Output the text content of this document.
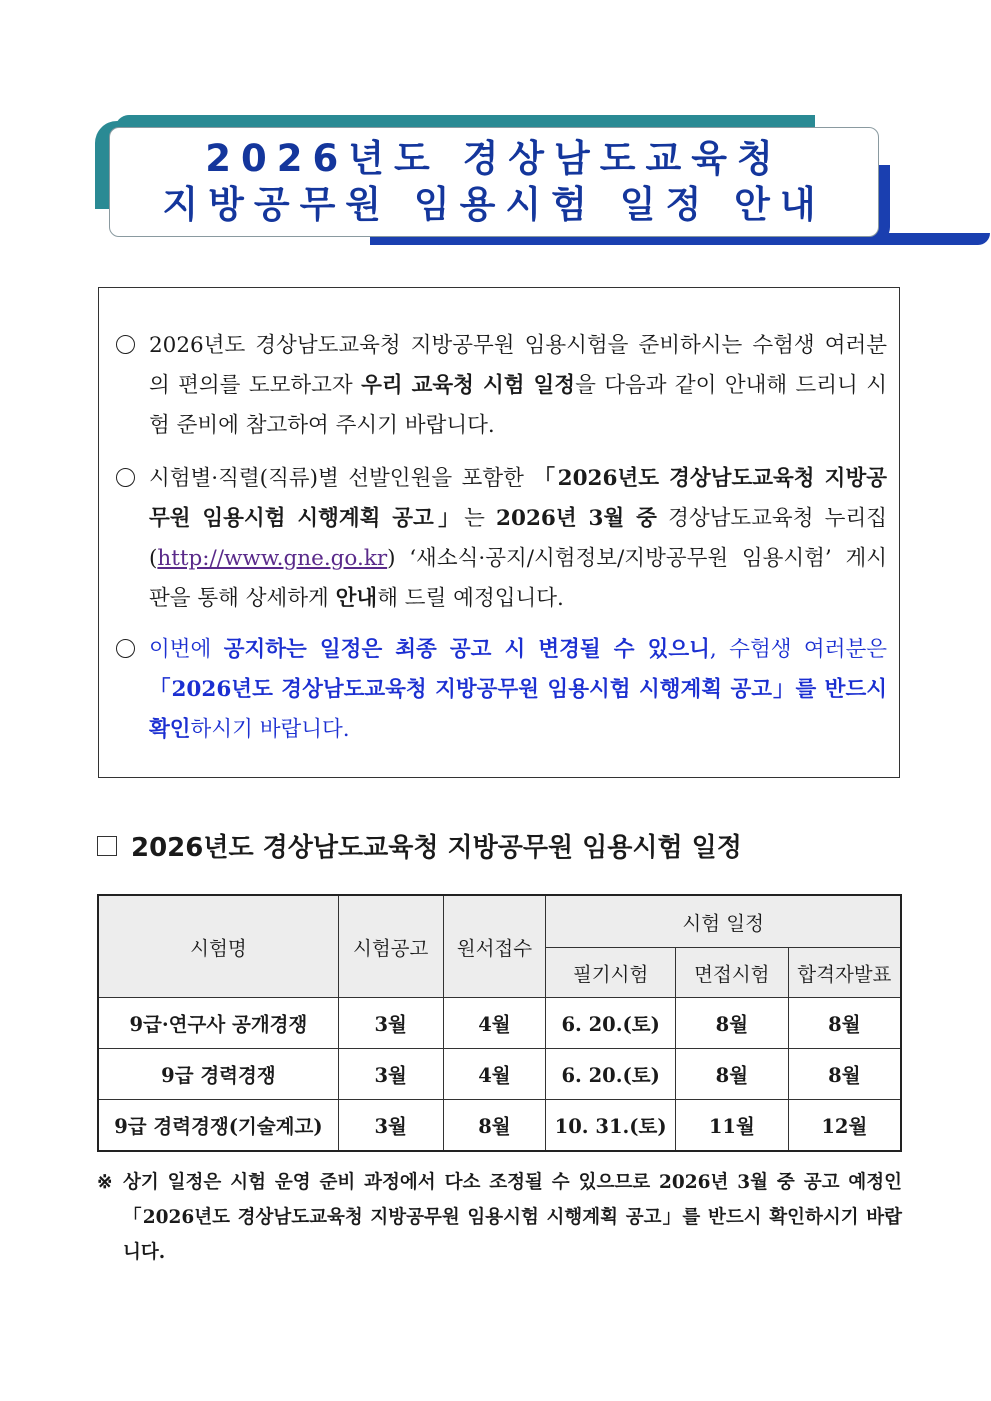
2026년도 경상남도교육청
지방공무원 임용시험 일정 안내
2026년도 경상남도교육청 지방공무원 임용시험을 준비하시는 수험생 여러분의 편의를 도모하고자 우리 교육청 시험 일정을 다음과 같이 안내해 드리니 시험 준비에 참고하여 주시기 바랍니다.
시험별·직렬(직류)별 선발인원을 포함한 「2026년도 경상남도교육청 지방공무원 임용시험 시행계획 공고」는 2026년 3월 중 경상남도교육청 누리집(http://www.gne.go.kr) ‘새소식·공지/시험정보/지방공무원 임용시험’ 게시판을 통해 상세하게 안내해 드릴 예정입니다.
이번에 공지하는 일정은 최종 공고 시 변경될 수 있으니, 수험생 여러분은 「2026년도 경상남도교육청 지방공무원 임용시험 시행계획 공고」를 반드시 확인하시기 바랍니다.
2026년도 경상남도교육청 지방공무원 임용시험 일정
시험명	시험공고	원서접수	시험 일정		
			필기시험	면접시험	합격자발표
9급·연구사 공개경쟁	3월	4월	6. 20.(토)	8월	8월
9급 경력경쟁	3월	4월	6. 20.(토)	8월	8월
9급 경력경쟁(기술계고)	3월	8월	10. 31.(토)	11월	12월
※ 상기 일정은 시험 운영 준비 과정에서 다소 조정될 수 있으므로 2026년 3월 중 공고 예정인 「2026년도 경상남도교육청 지방공무원 임용시험 시행계획 공고」를 반드시 확인하시기 바랍니다.
